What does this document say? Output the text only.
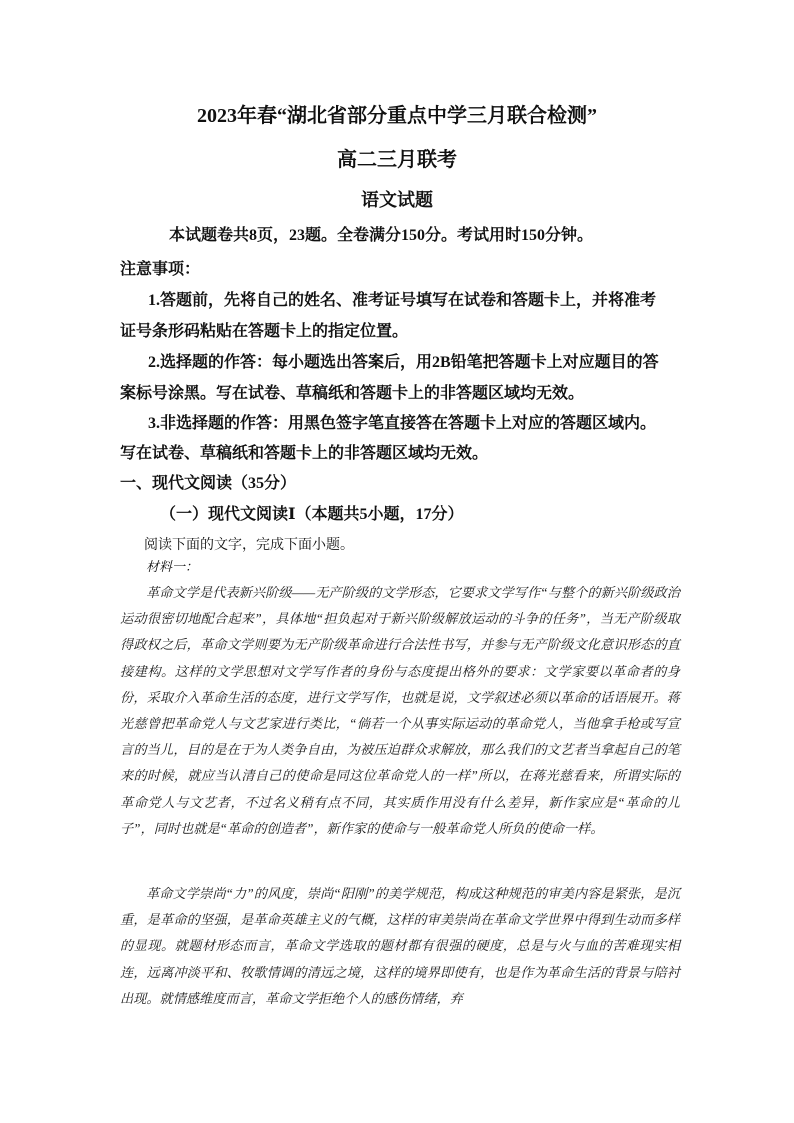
2023年春“湖北省部分重点中学三月联合检测”
高二三月联考
语文试题
本试题卷共8页，23题。全卷满分150分。考试用时150分钟。
注意事项：
1.答题前，先将自己的姓名、准考证号填写在试卷和答题卡上，并将准考
证号条形码粘贴在答题卡上的指定位置。
2.选择题的作答：每小题选出答案后，用2B铅笔把答题卡上对应题目的答
案标号涂黑。写在试卷、草稿纸和答题卡上的非答题区域均无效。
3.非选择题的作答：用黑色签字笔直接答在答题卡上对应的答题区域内。
写在试卷、草稿纸和答题卡上的非答题区域均无效。
一、现代文阅读（35分）
（一）现代文阅读Ⅰ（本题共5小题，17分）
阅读下面的文字，完成下面小题。
材料一：
革命文学是代表新兴阶级——无产阶级的文学形态，它要求文学写作“与整个的新兴阶级政治运动很密切地配合起来”，具体地“担负起对于新兴阶级解放运动的斗争的任务”，当无产阶级取得政权之后，革命文学则要为无产阶级革命进行合法性书写，并参与无产阶级文化意识形态的直接建构。这样的文学思想对文学写作者的身份与态度提出格外的要求：文学家要以革命者的身份，采取介入革命生活的态度，进行文学写作，也就是说，文学叙述必须以革命的话语展开。蒋光慈曾把革命党人与文艺家进行类比，“倘若一个从事实际运动的革命党人，当他拿手枪或写宣言的当儿，目的是在于为人类争自由，为被压迫群众求解放，那么我们的文艺者当拿起自己的笔来的时候，就应当认清自己的使命是同这位革命党人的一样”所以，在蒋光慈看来，所谓实际的革命党人与文艺者，不过名义稍有点不同，其实质作用没有什么差异，新作家应是“革命的儿子”，同时也就是“革命的创造者”，新作家的使命与一般革命党人所负的使命一样。
革命文学崇尚“力”的风度，崇尚“阳刚”的美学规范，构成这种规范的审美内容是紧张，是沉重，是革命的坚强，是革命英雄主义的气概，这样的审美崇尚在革命文学世界中得到生动而多样的显现。就题材形态而言，革命文学选取的题材都有很强的硬度，总是与火与血的苦难现实相连，远离冲淡平和、牧歌情调的清远之境，这样的境界即使有，也是作为革命生活的背景与陪衬出现。就情感维度而言，革命文学拒绝个人的感伤情绪，弃
